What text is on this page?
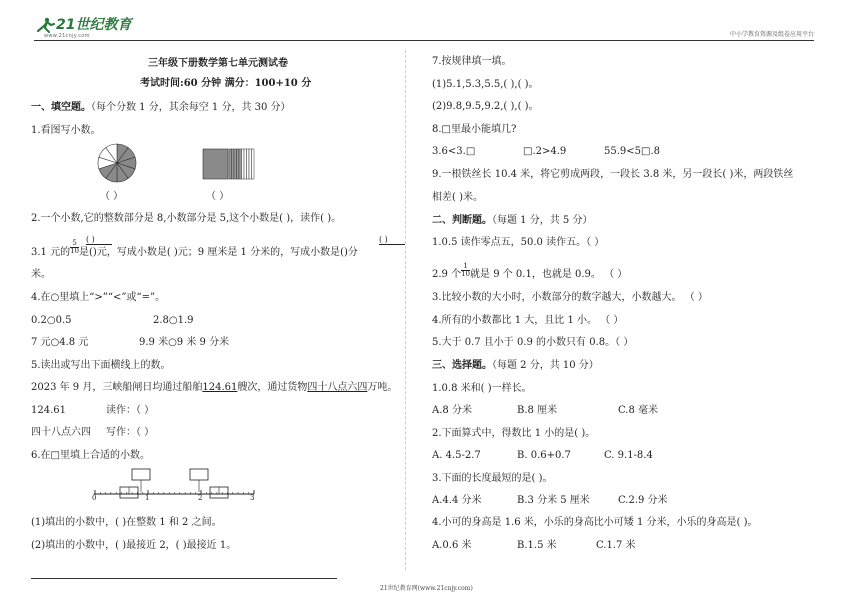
21世纪教育
www.21cnjy.com	中小学教育资源及组卷应用平台
三年级下册数学第七单元测试卷
考试时间:60 分钟 满分：100+10 分
一、填空题。（每个分数 1 分，其余每空 1 分，共 30 分）
1.看图写小数。
（ ）	（ ）
2.一个小数,它的整数部分是 8,小数部分是 5,这个小数是( )，读作( )。
3.1 元的 $\frac{5}{10}$ 是()元，写成小数是( )元；9 厘米是 1 分米的，写成小数是()分
( )	( )
米。
4.在○里填上“>”“<”或“=”。
0.2○0.5	2.8○1.9
7 元○4.8 元	9.9 米○9 米 9 分米
5.读出或写出下面横线上的数。
2023 年 9 月，三峡船闸日均通过船舶124.61艘次，通过货物四十八点六四万吨。
124.61	读作：（ ）
四十八点六四 写作：（ ）
6.在□里填上合适的小数。
0	1	2	3
(1)填出的小数中，( )在整数 1 和 2 之间。
(2)填出的小数中，( )最接近 2，( )最接近 1。
7.按规律填一填。
(1)5.1,5.3,5.5,( ),( )。
(2)9.8,9.5,9.2,( ),( )。
8.□里最小能填几?
3.6<3.□	□.2>4.9	55.9<5□.8
9.一根铁丝长 10.4 米，将它剪成两段，一段长 3.8 米，另一段长( )米，两段铁丝
相差( )米。
二、判断题。（每题 1 分，共 5 分）
1.0.5 读作零点五，50.0 读作五。（ ）
2.9 个 $\frac{1}{10}$ 就是 9 个 0.1，也就是 0.9。 （ ）
3.比较小数的大小时，小数部分的数字越大，小数越大。 （ ）
4.所有的小数都比 1 大，且比 1 小。 （ ）
5.大于 0.7 且小于 0.9 的小数只有 0.8。（ ）
三、选择题。（每题 2 分，共 10 分）
1.0.8 米和( )一样长。
A.8 分米	B.8 厘米	C.8 毫米
2.下面算式中，得数比 1 小的是( )。
A. 4.5-2.7	B. 0.6+0.7	C. 9.1-8.4
3.下面的长度最短的是( )。
A.4.4 分米	B.3 分米 5 厘米	C.2.9 分米
4.小可的身高是 1.6 米，小乐的身高比小可矮 1 分米，小乐的身高是( )。
A.0.6 米	B.1.5 米	C.1.7 米
21世纪教育网(www.21cnjy.com)
